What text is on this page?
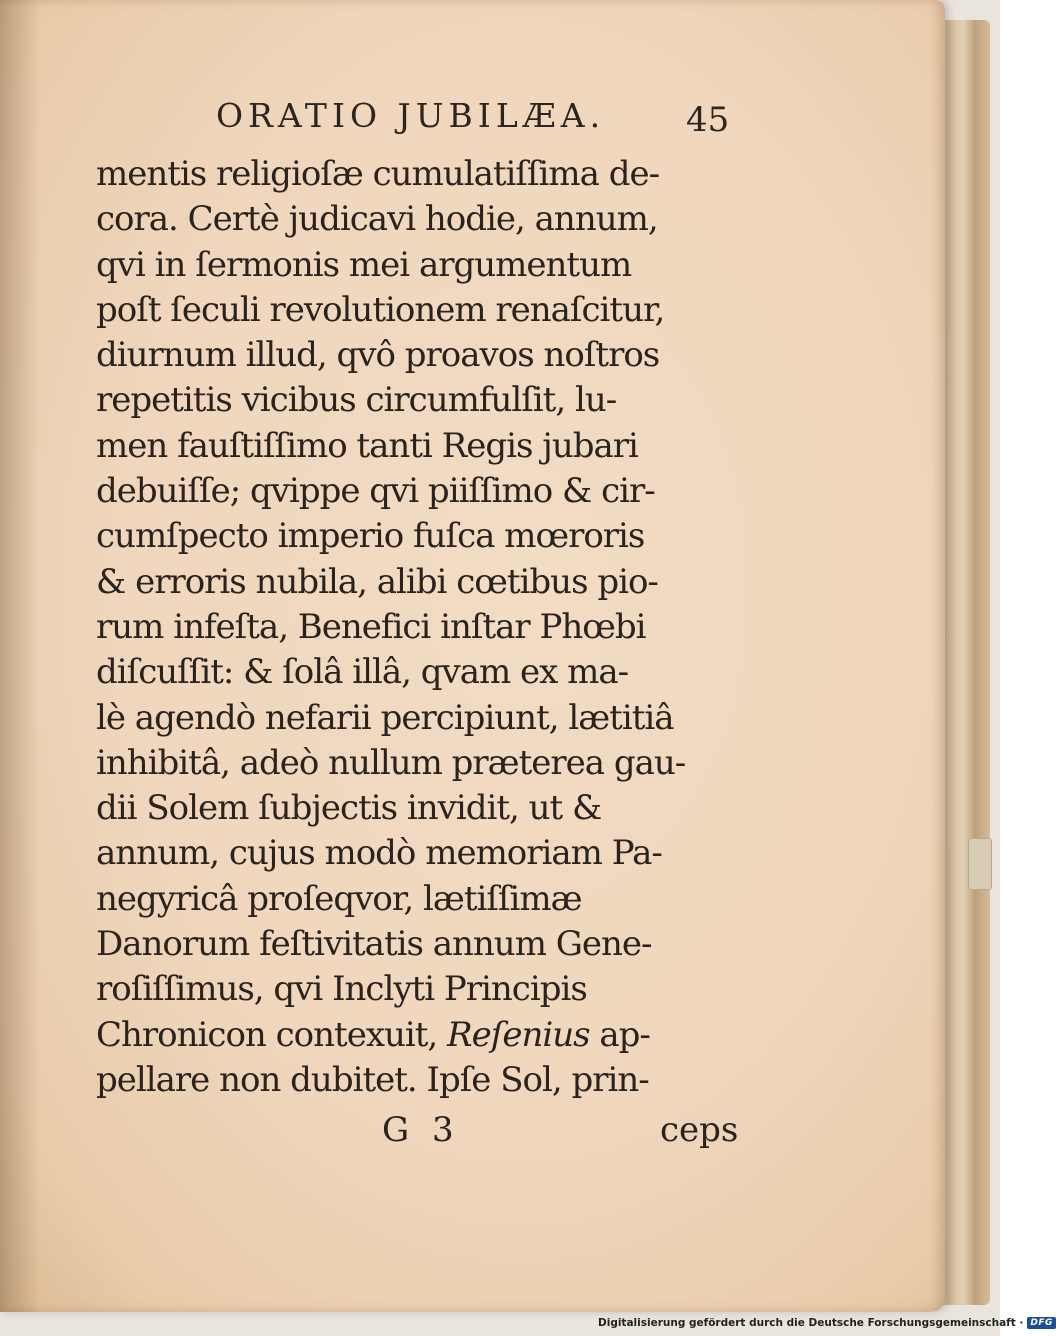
ORATIO JUBILÆA. 45
mentis religioſæ cumulatiſſima de-
cora. Certè judicavi hodie, annum,
qvi in ſermonis mei argumentum
poſt ſeculi revolutionem renaſcitur,
diurnum illud, qvô proavos noſtros
repetitis vicibus circumfulſit, lu-
men fauſtiſſimo tanti Regis jubari
debuiſſe; qvippe qvi piiſſimo & cir-
cumſpecto imperio fuſca mœroris
& erroris nubila, alibi cœtibus pio-
rum infeſta, Benefici inſtar Phœbi
diſcuſſit: & ſolâ illâ, qvam ex ma-
lè agendò nefarii percipiunt, lætitiâ
inhibitâ, adeò nullum præterea gau-
dii Solem ſubjectis invidit, ut &
annum, cujus modò memoriam Pa-
negyricâ proſeqvor, lætiſſimæ
Danorum feſtivitatis annum Gene-
roſiſſimus, qvi Inclyti Principis
Chronicon contexuit, Reſenius ap-
pellare non dubitet. Ipſe Sol, prin-
G 3	ceps
Digitalisierung gefördert durch die Deutsche Forschungsgemeinschaft · DFG
